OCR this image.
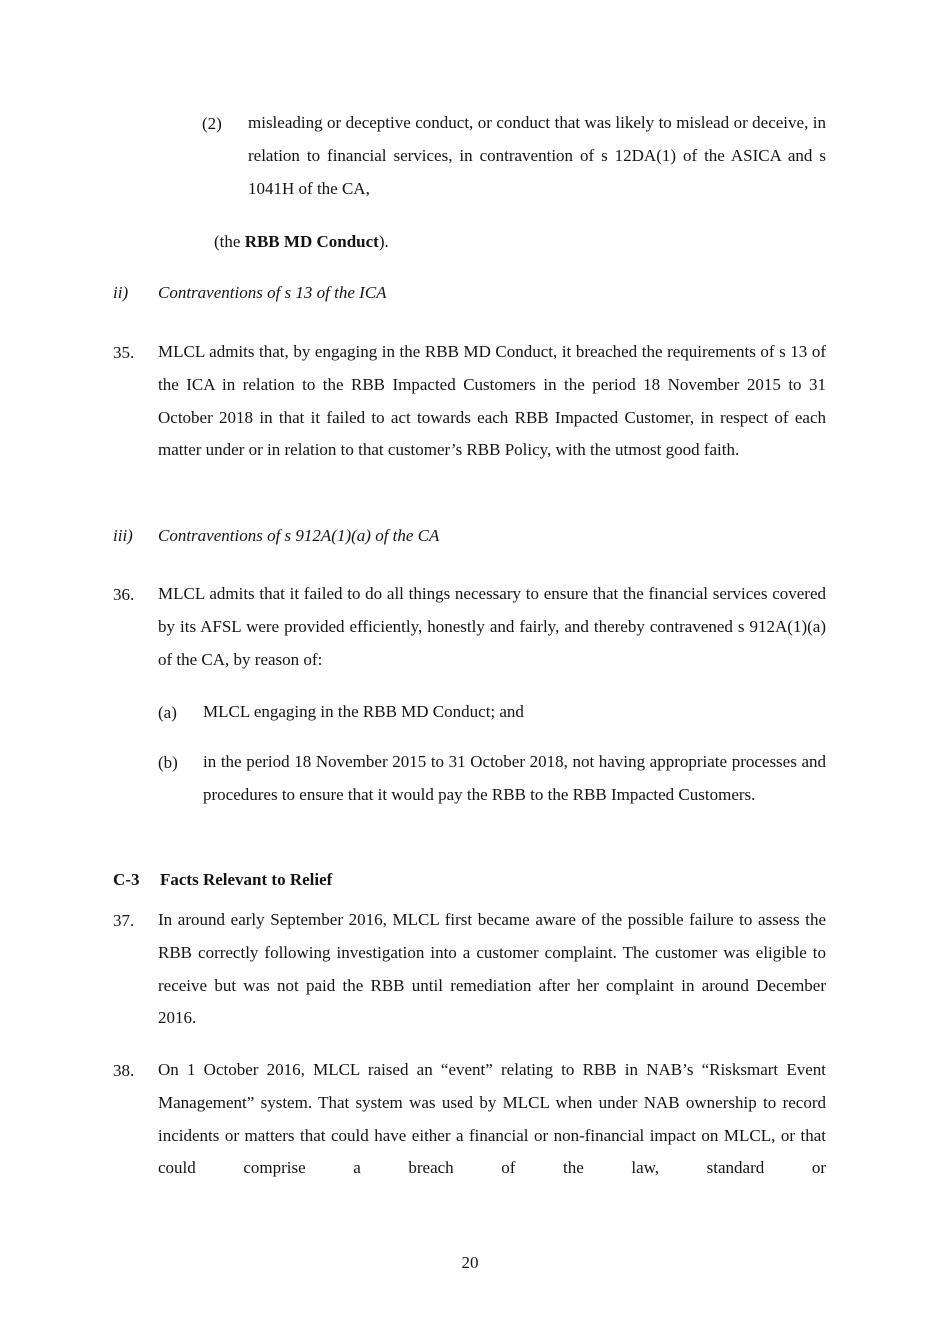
(2) misleading or deceptive conduct, or conduct that was likely to mislead or deceive, in relation to financial services, in contravention of s 12DA(1) of the ASICA and s 1041H of the CA,
(the RBB MD Conduct).
ii) Contraventions of s 13 of the ICA
35. MLCL admits that, by engaging in the RBB MD Conduct, it breached the requirements of s 13 of the ICA in relation to the RBB Impacted Customers in the period 18 November 2015 to 31 October 2018 in that it failed to act towards each RBB Impacted Customer, in respect of each matter under or in relation to that customer’s RBB Policy, with the utmost good faith.
iii) Contraventions of s 912A(1)(a) of the CA
36. MLCL admits that it failed to do all things necessary to ensure that the financial services covered by its AFSL were provided efficiently, honestly and fairly, and thereby contravened s 912A(1)(a) of the CA, by reason of:
(a) MLCL engaging in the RBB MD Conduct; and
(b) in the period 18 November 2015 to 31 October 2018, not having appropriate processes and procedures to ensure that it would pay the RBB to the RBB Impacted Customers.
C-3 Facts Relevant to Relief
37. In around early September 2016, MLCL first became aware of the possible failure to assess the RBB correctly following investigation into a customer complaint. The customer was eligible to receive but was not paid the RBB until remediation after her complaint in around December 2016.
38. On 1 October 2016, MLCL raised an “event” relating to RBB in NAB’s “Risksmart Event Management” system. That system was used by MLCL when under NAB ownership to record incidents or matters that could have either a financial or non-financial impact on MLCL, or that could comprise a breach of the law, standard or
20
